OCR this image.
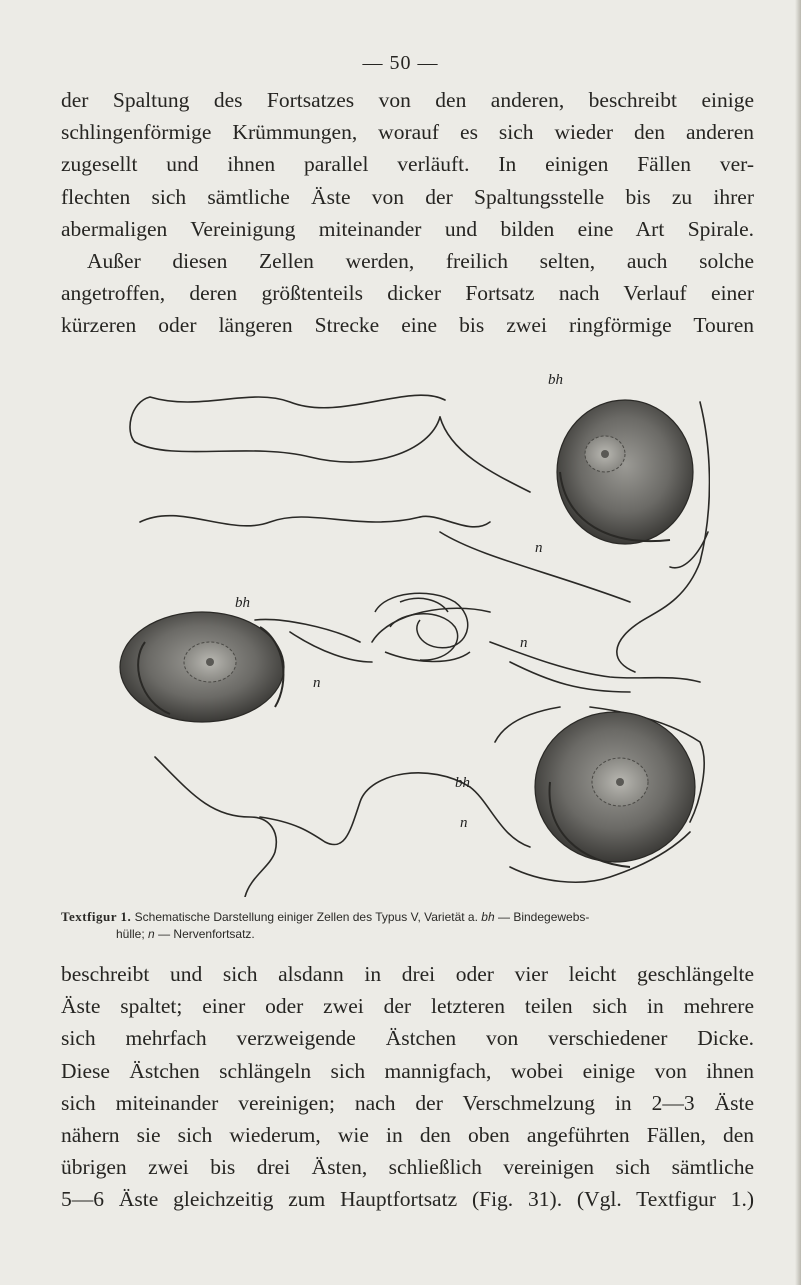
— 50 —

der Spaltung des Fortsatzes von den anderen, beschreibt einige
schlingenförmige Krümmungen, worauf es sich wieder den anderen
zugesellt und ihnen parallel verläuft. In einigen Fällen ver-
flechten sich sämtliche Äste von der Spaltungsstelle bis zu ihrer
abermaligen Vereinigung miteinander und bilden eine Art Spirale.
Außer diesen Zellen werden, freilich selten, auch solche
angetroffen, deren größtenteils dicker Fortsatz nach Verlauf einer
kürzeren oder längeren Strecke eine bis zwei ringförmige Touren

bh
n
bh
n
n
bh
n
Textfigur 1. Schematische Darstellung einiger Zellen des Typus V, Varietät a. bh — Bindegewebs-
hülle; n — Nervenfortsatz.

beschreibt und sich alsdann in drei oder vier leicht geschlängelte
Äste spaltet; einer oder zwei der letzteren teilen sich in mehrere
sich mehrfach verzweigende Ästchen von verschiedener Dicke.
Diese Ästchen schlängeln sich mannigfach, wobei einige von ihnen
sich miteinander vereinigen; nach der Verschmelzung in 2—3 Äste
nähern sie sich wiederum, wie in den oben angeführten Fällen, den
übrigen zwei bis drei Ästen, schließlich vereinigen sich sämtliche
5—6 Äste gleichzeitig zum Hauptfortsatz (Fig. 31). (Vgl. Textfigur 1.)
